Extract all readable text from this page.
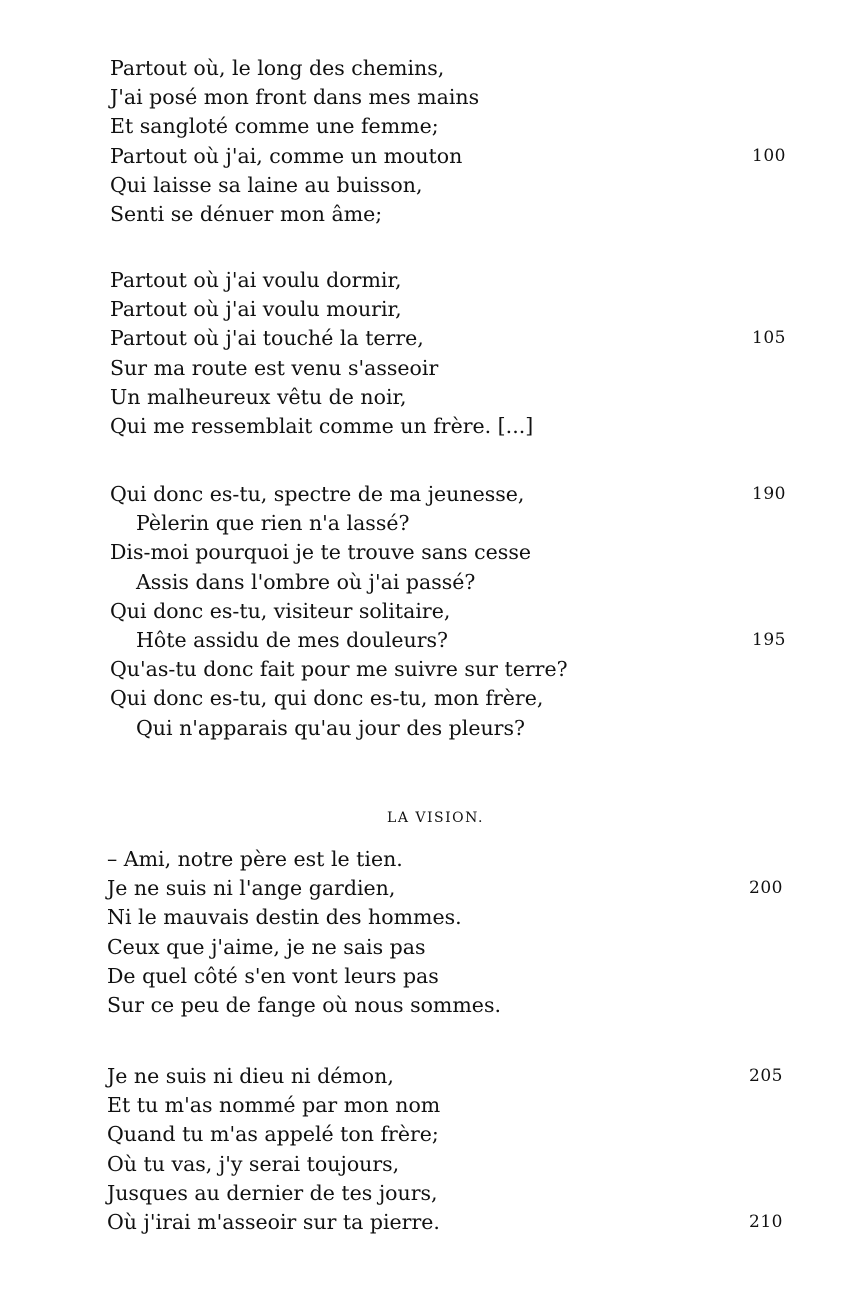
Partout où, le long des chemins,
J'ai posé mon front dans mes mains
Et sangloté comme une femme;
Partout où j'ai, comme un mouton	100
Qui laisse sa laine au buisson,
Senti se dénuer mon âme;
Partout où j'ai voulu dormir,
Partout où j'ai voulu mourir,
Partout où j'ai touché la terre,	105
Sur ma route est venu s'asseoir
Un malheureux vêtu de noir,
Qui me ressemblait comme un frère. [...]
Qui donc es-tu, spectre de ma jeunesse,	190
Pèlerin que rien n'a lassé?
Dis-moi pourquoi je te trouve sans cesse
Assis dans l'ombre où j'ai passé?
Qui donc es-tu, visiteur solitaire,
Hôte assidu de mes douleurs?	195
Qu'as-tu donc fait pour me suivre sur terre?
Qui donc es-tu, qui donc es-tu, mon frère,
Qui n'apparais qu'au jour des pleurs?
LA VISION.
– Ami, notre père est le tien.
Je ne suis ni l'ange gardien,	200
Ni le mauvais destin des hommes.
Ceux que j'aime, je ne sais pas
De quel côté s'en vont leurs pas
Sur ce peu de fange où nous sommes.
Je ne suis ni dieu ni démon,	205
Et tu m'as nommé par mon nom
Quand tu m'as appelé ton frère;
Où tu vas, j'y serai toujours,
Jusques au dernier de tes jours,
Où j'irai m'asseoir sur ta pierre.	210
